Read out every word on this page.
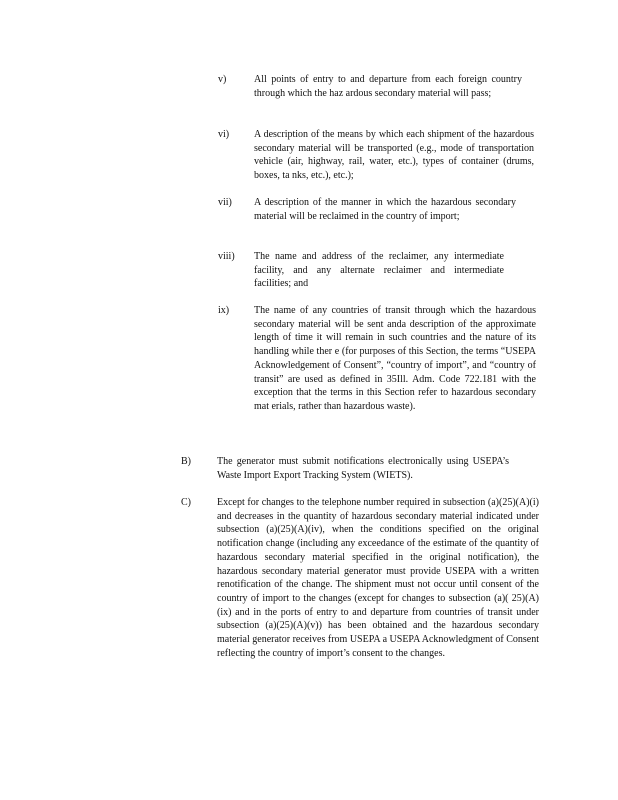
v)	All points of entry to and departure from each foreign country through which the haz ardous secondary material will pass;
vi) A description of the means by which each shipment of the hazardous secondary material will be transported (e.g., mode of transportation vehicle (air, highway, rail, water, etc.), types of container (drums, boxes, ta nks, etc.), etc.);
vii) A description of the manner in which the hazardous secondary material will be reclaimed in the country of import;
viii) The name and address of the reclaimer, any intermediate facility, and any alternate reclaimer and intermediate facilities; and
ix) The name of any countries of transit through which the hazardous secondary material will be sent anda description of the approximate length of time it will remain in such countries and the nature of its handling while ther e (for purposes of this Section, the terms “USEPA Acknowledgement of Consent”, “country of import”, and “country of transit” are used as defined in 35Ill. Adm. Code 722.181 with the exception that the terms in this Section refer to hazardous secondary mat erials, rather than hazardous waste).
B)	The generator must submit notifications electronically using USEPA’s Waste Import Export Tracking System (WIETS).
C)	Except for changes to the telephone number required in subsection (a)(25)(A)(i) and decreases in the quantity of hazardous secondary material indicated under subsection (a)(25)(A)(iv), when the conditions specified on the original notification change (including any exceedance of the estimate of the quantity of hazardous secondary material specified in the original notification), the hazardous secondary material generator must provide USEPA with a written renotification of the change. The shipment must not occur until consent of the country of import to the changes (except for changes to subsection (a)( 25)(A)(ix) and in the ports of entry to and departure from countries of transit under subsection (a)(25)(A)(v)) has been obtained and the hazardous secondary material generator receives from USEPA a USEPA Acknowledgment of Consent reflecting the country of import’s consent to the changes.
